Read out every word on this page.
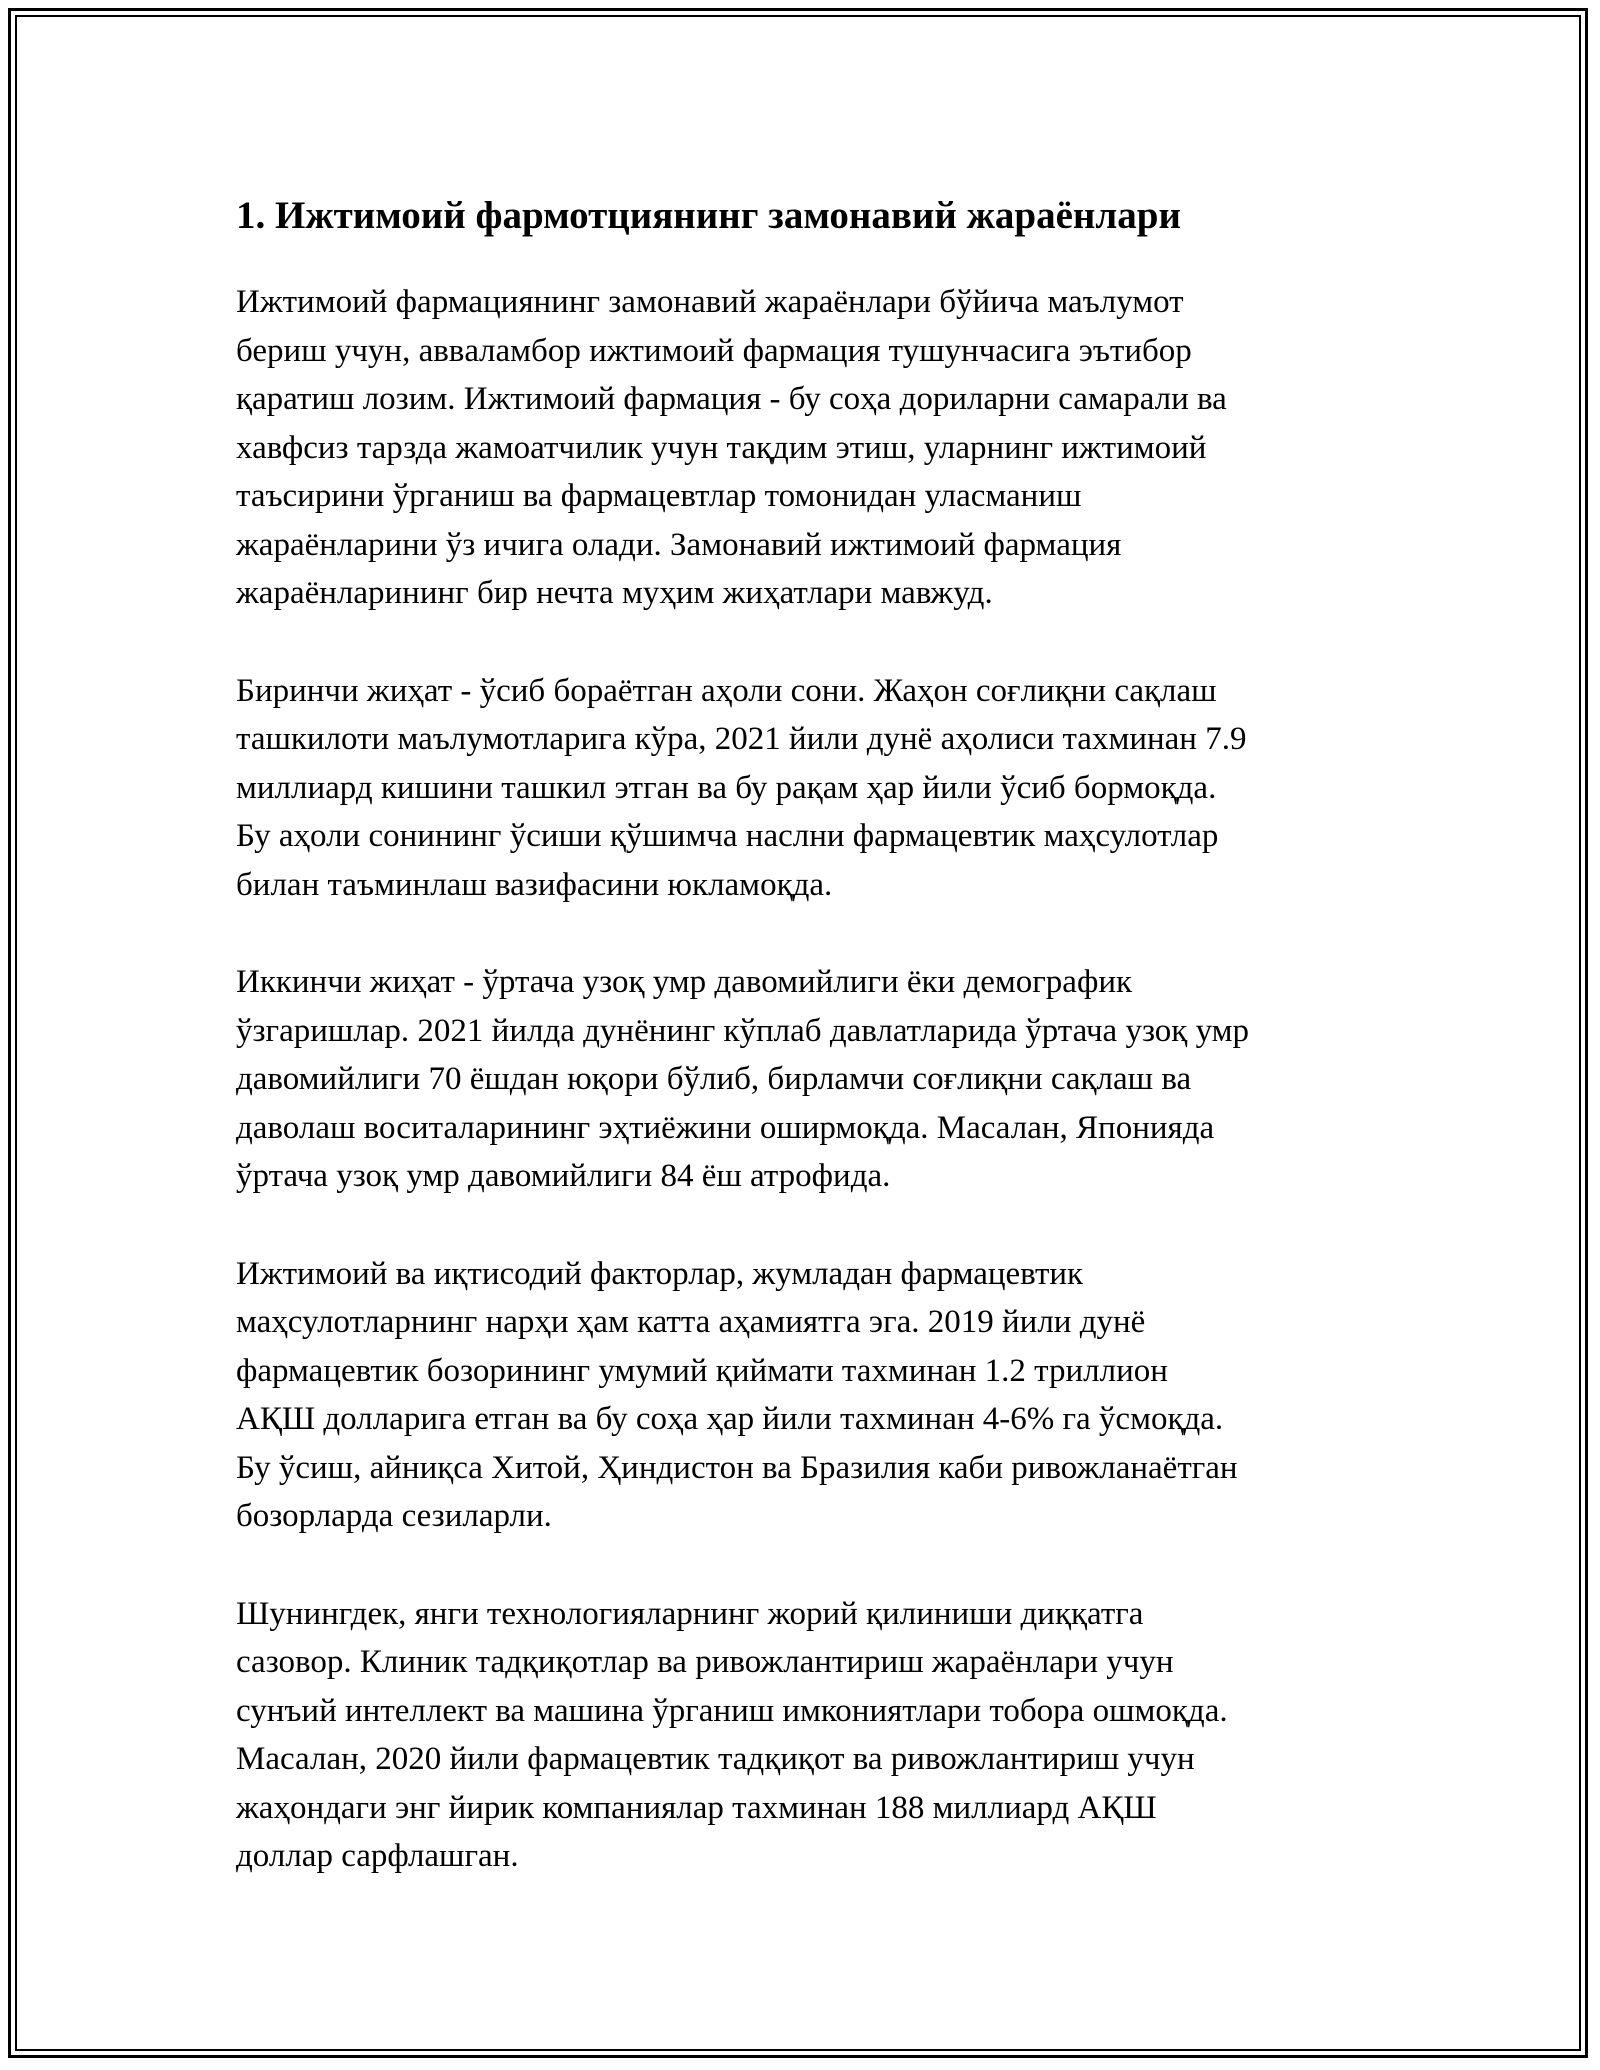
1. Ижтимоий фармотциянинг замонавий жараёнлари

Ижтимоий фармациянинг замонавий жараёнлари бўйича маълумот
бериш учун, аввaламбор ижтимоий фармация тушунчасига эътибор
қаратиш лозим. Ижтимоий фармация - бу соҳа дориларни самарали ва
хавфсиз тарзда жамоатчилик учун тақдим этиш, уларнинг ижтимоий
таъсирини ўрганиш ва фармацевтлар томонидан уласманиш
жараёнларини ўз ичига олади. Замонавий ижтимоий фармация
жараёнларининг бир нечта муҳим жиҳатлари мавжуд.

Биринчи жиҳат - ўсиб бораётган аҳоли сони. Жаҳон соғлиқни сақлаш
ташкилоти маълумотларига кўра, 2021 йили дунё аҳолиси тахминан 7.9
миллиард кишини ташкил этган ва бу рақам ҳар йили ўсиб бормоқда.
Бу аҳоли сонининг ўсиши қўшимча наслни фармацевтик маҳсулотлар
билан таъминлаш вазифасини юкламоқда.

Иккинчи жиҳат - ўртача узоқ умр давомийлиги ёки демографик
ўзгаришлар. 2021 йилда дунёнинг кўплаб давлатларида ўртача узоқ умр
давомийлиги 70 ёшдан юқори бўлиб, бирламчи соғлиқни сақлаш ва
даволаш воситаларининг эҳтиёжини оширмоқда. Масалан, Японияда
ўртача узоқ умр давомийлиги 84 ёш атрофида.

Ижтимоий ва иқтисодий факторлар, жумладан фармацевтик
маҳсулотларнинг нарҳи ҳам катта аҳамиятга эга. 2019 йили дунё
фармацевтик бозорининг умумий қиймати тахминан 1.2 триллион
АҚШ долларига етган ва бу соҳа ҳар йили тахминан 4-6% га ўсмоқда.
Бу ўсиш, айниқса Хитой, Ҳиндистон ва Бразилия каби ривожланаётган
бозорларда сезиларли.

Шунингдек, янги технологияларнинг жорий қилиниши диққатга
сазовор. Клиник тадқиқотлар ва ривожлантириш жараёнлари учун
сунъий интеллект ва машина ўрганиш имкониятлари тобора ошмоқда.
Масалан, 2020 йили фармацевтик тадқиқот ва ривожлантириш учун
жаҳондаги энг йирик компаниялар тахминан 188 миллиард АҚШ
доллар сарфлашган.
